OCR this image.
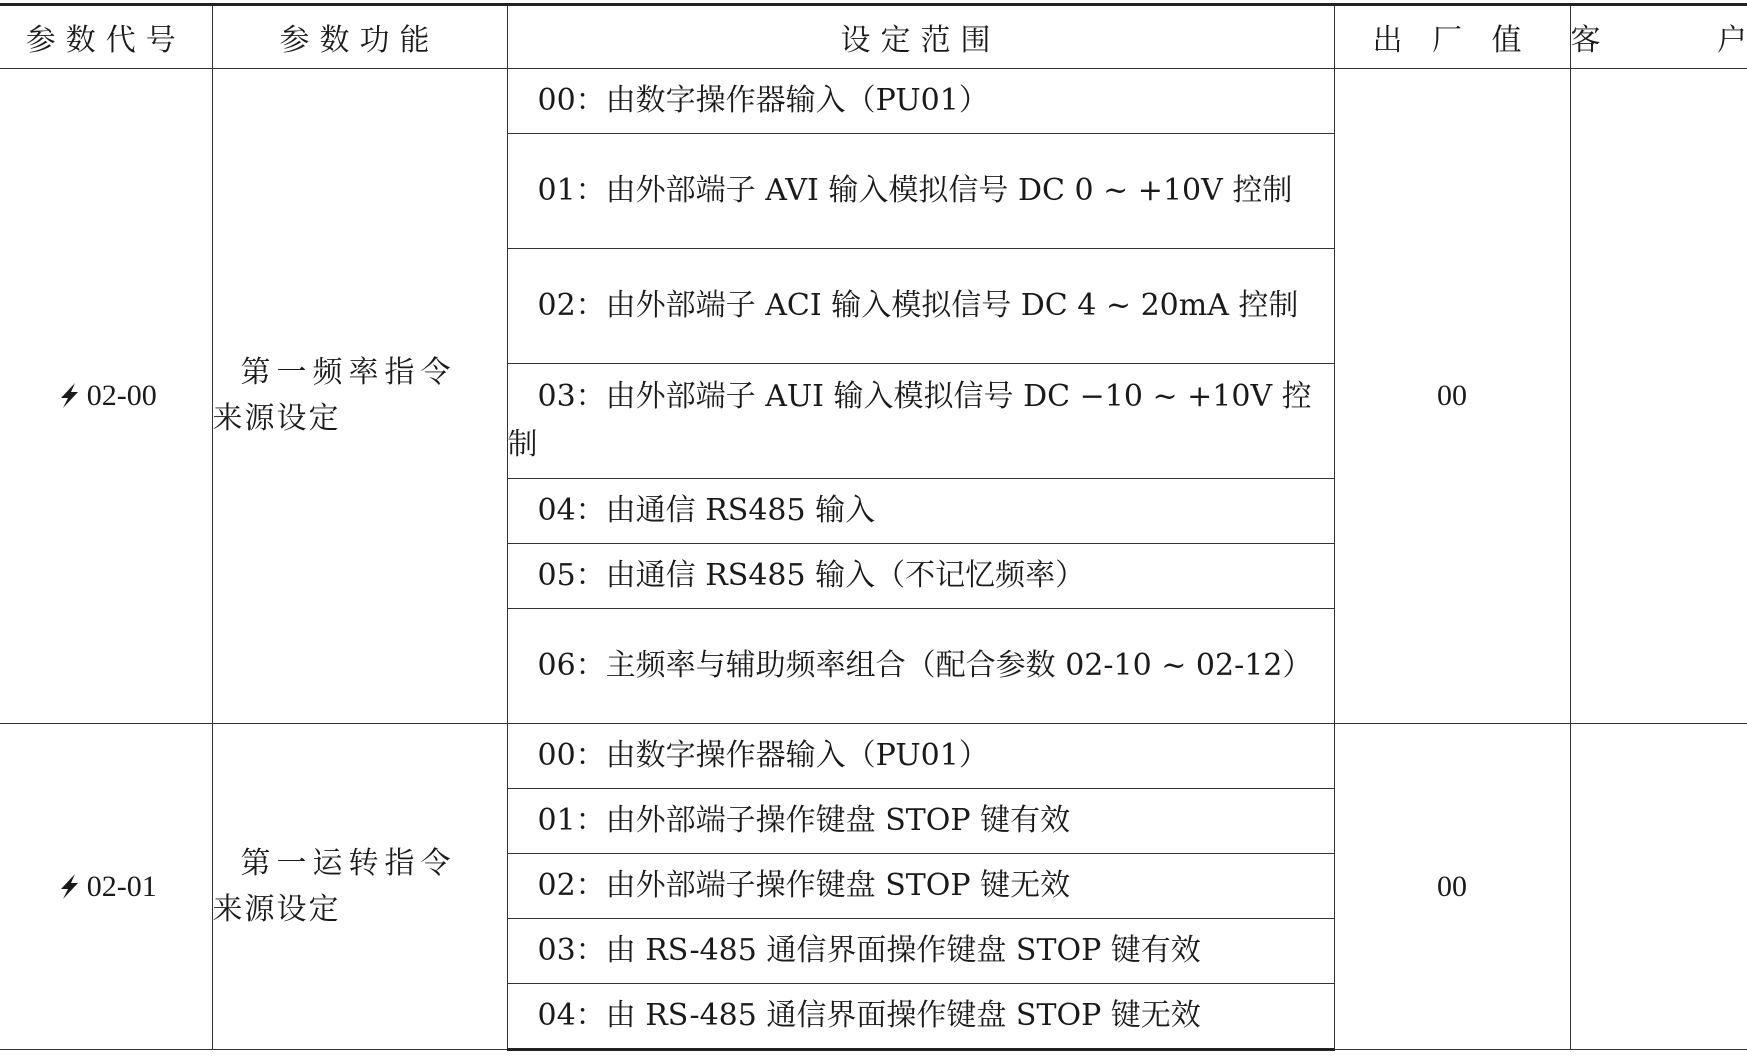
参数代号	参数功能	设定范围	出 厂 值	客 户
02-00	第一频率指令
来源设定	00：由数字操作器输入（PU01）	00	

		01：由外部端子 AVI 输入模拟信号 DC 0 ~ +10V 控制		

		02：由外部端子 ACI 输入模拟信号 DC 4 ~ 20mA 控制		

		03：由外部端子 AUI 输入模拟信号 DC −10 ~ +10V 控制		

		04：由通信 RS485 输入		

		05：由通信 RS485 输入（不记忆频率）		

		06：主频率与辅助频率组合（配合参数 02-10 ~ 02-12）		

02-01	第一运转指令
来源设定	00：由数字操作器输入（PU01）	00	

		01：由外部端子操作键盘 STOP 键有效		

		02：由外部端子操作键盘 STOP 键无效		

		03：由 RS-485 通信界面操作键盘 STOP 键有效		

		04：由 RS-485 通信界面操作键盘 STOP 键无效		
